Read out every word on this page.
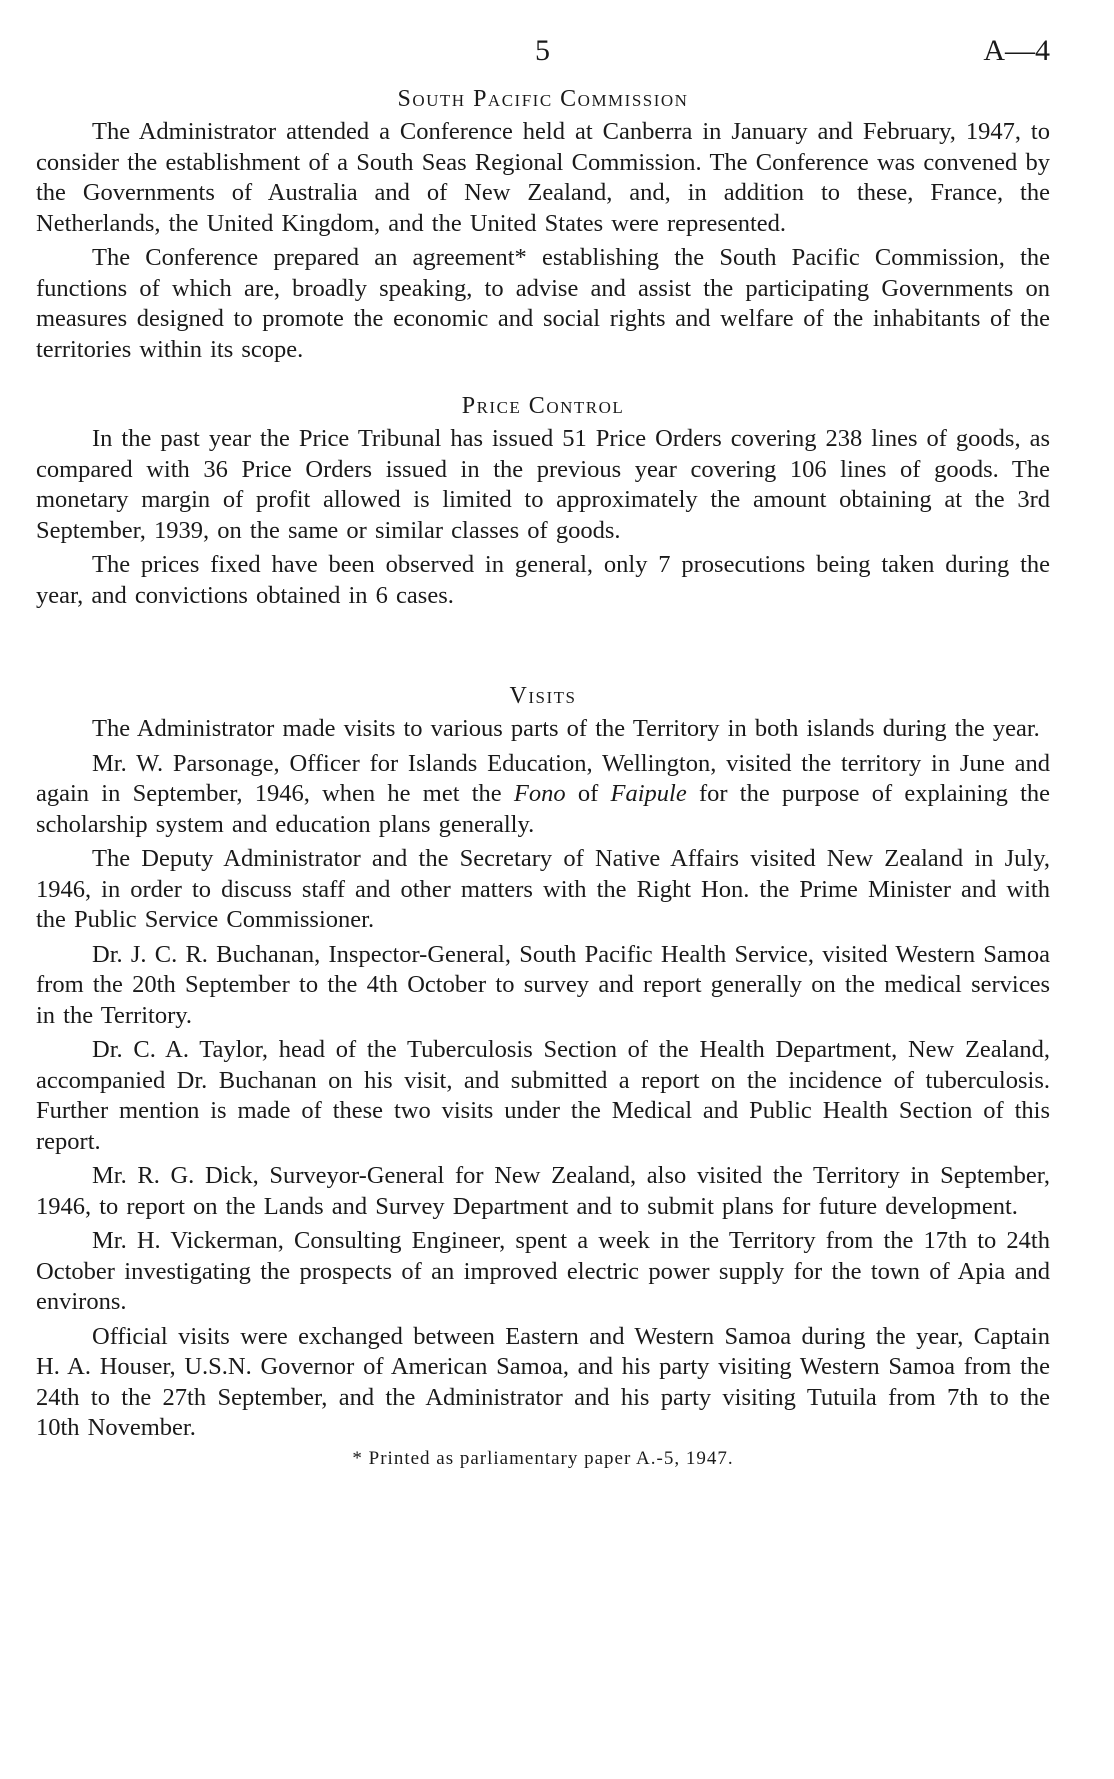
5	A—4
South Pacific Commission

The Administrator attended a Conference held at Canberra in January and February, 1947, to consider the establishment of a South Seas Regional Commission. The Conference was convened by the Governments of Australia and of New Zealand, and, in addition to these, France, the Netherlands, the United Kingdom, and the United States were represented.

The Conference prepared an agreement* establishing the South Pacific Commission, the functions of which are, broadly speaking, to advise and assist the participating Governments on measures designed to promote the economic and social rights and welfare of the inhabitants of the territories within its scope.

Price Control

In the past year the Price Tribunal has issued 51 Price Orders covering 238 lines of goods, as compared with 36 Price Orders issued in the previous year covering 106 lines of goods. The monetary margin of profit allowed is limited to approximately the amount obtaining at the 3rd September, 1939, on the same or similar classes of goods.

The prices fixed have been observed in general, only 7 prosecutions being taken during the year, and convictions obtained in 6 cases.

Visits

The Administrator made visits to various parts of the Territory in both islands during the year.

Mr. W. Parsonage, Officer for Islands Education, Wellington, visited the territory in June and again in September, 1946, when he met the Fono of Faipule for the purpose of explaining the scholarship system and education plans generally.

The Deputy Administrator and the Secretary of Native Affairs visited New Zealand in July, 1946, in order to discuss staff and other matters with the Right Hon. the Prime Minister and with the Public Service Commissioner.

Dr. J. C. R. Buchanan, Inspector-General, South Pacific Health Service, visited Western Samoa from the 20th September to the 4th October to survey and report generally on the medical services in the Territory.

Dr. C. A. Taylor, head of the Tuberculosis Section of the Health Department, New Zealand, accompanied Dr. Buchanan on his visit, and submitted a report on the incidence of tuberculosis. Further mention is made of these two visits under the Medical and Public Health Section of this report.

Mr. R. G. Dick, Surveyor-General for New Zealand, also visited the Territory in September, 1946, to report on the Lands and Survey Department and to submit plans for future development.

Mr. H. Vickerman, Consulting Engineer, spent a week in the Territory from the 17th to 24th October investigating the prospects of an improved electric power supply for the town of Apia and environs.

Official visits were exchanged between Eastern and Western Samoa during the year, Captain H. A. Houser, U.S.N. Governor of American Samoa, and his party visiting Western Samoa from the 24th to the 27th September, and the Administrator and his party visiting Tutuila from 7th to the 10th November.

* Printed as parliamentary paper A.-5, 1947.
